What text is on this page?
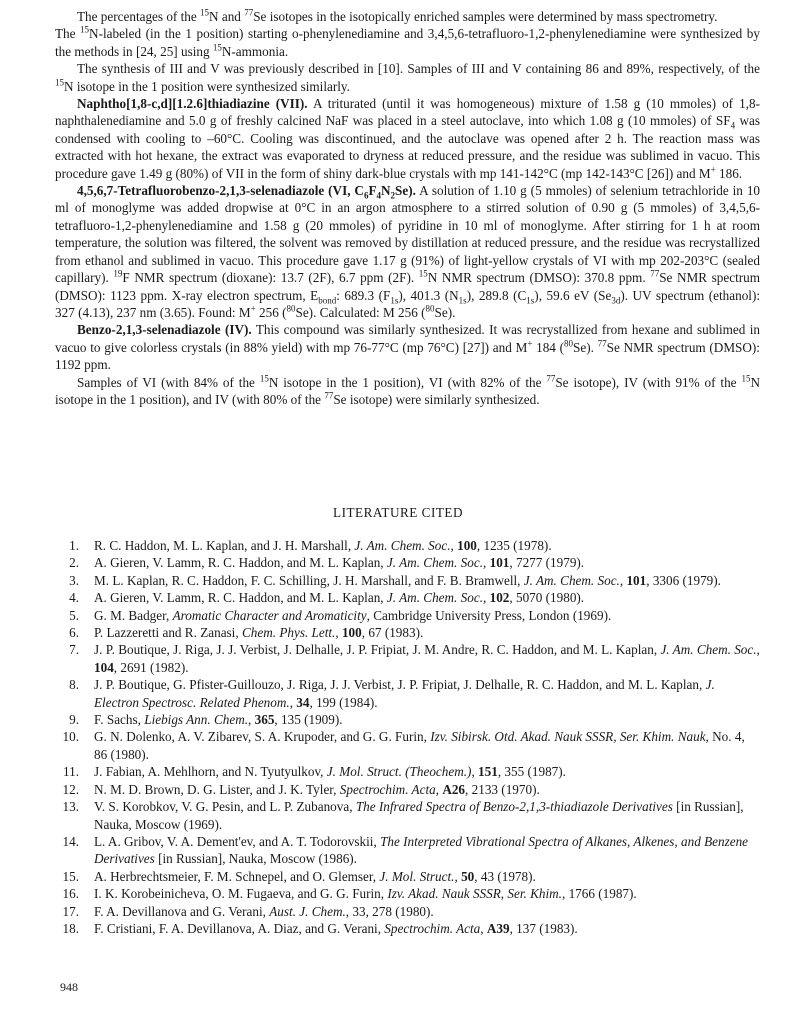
The percentages of the $^{15}$N and $^{77}$Se isotopes in the isotopically enriched samples were determined by mass spectrometry.

The $^{15}$N-labeled (in the 1 position) starting o-phenylenediamine and 3,4,5,6-tetrafluoro-1,2-phenylenediamine were synthesized by the methods in [24, 25] using $^{15}$N-ammonia.

The synthesis of III and V was previously described in [10]. Samples of III and V containing 86 and 89%, respectively, of the $^{15}$N isotope in the 1 position were synthesized similarly.

Naphtho[1,8-c,d][1.2.6]thiadiazine (VII). A triturated (until it was homogeneous) mixture of 1.58 g (10 mmoles) of 1,8-naphthalenediamine and 5.0 g of freshly calcined NaF was placed in a steel autoclave, into which 1.08 g (10 mmoles) of $SF_4$ was condensed with cooling to –60°C. Cooling was discontinued, and the autoclave was opened after 2 h. The reaction mass was extracted with hot hexane, the extract was evaporated to dryness at reduced pressure, and the residue was sublimed in vacuo. This procedure gave 1.49 g (80%) of VII in the form of shiny dark-blue crystals with mp 141-142°C (mp 142-143°C [26]) and M+ 186.

4,5,6,7-Tetrafluorobenzo-2,1,3-selenadiazole (VI, $C_6F_4N_2Se$). A solution of 1.10 g (5 mmoles) of selenium tetrachloride in 10 ml of monoglyme was added dropwise at 0°C in an argon atmosphere to a stirred solution of 0.90 g (5 mmoles) of 3,4,5,6-tetrafluoro-1,2-phenylenediamine and 1.58 g (20 mmoles) of pyridine in 10 ml of monoglyme. After stirring for 1 h at room temperature, the solution was filtered, the solvent was removed by distillation at reduced pressure, and the residue was recrystallized from ethanol and sublimed in vacuo. This procedure gave 1.17 g (91%) of light-yellow crystals of VI with mp 202-203°C (sealed capillary). $^{19}$F NMR spectrum (dioxane): 13.7 (2F), 6.7 ppm (2F). $^{15}$N NMR spectrum (DMSO): 370.8 ppm. $^{77}$Se NMR spectrum (DMSO): 1123 ppm. X-ray electron spectrum, $E_{bond}$: 689.3 $(F_{1s})$, 401.3 $(N_{1s})$, 289.8 $(C_{1s})$, 59.6 eV $(Se_{3d})$. UV spectrum (ethanol): 327 (4.13), 237 nm (3.65). Found: M+ 256 ($^{80}$Se). Calculated: M 256 ($^{80}$Se).

Benzo-2,1,3-selenadiazole (IV). This compound was similarly synthesized. It was recrystallized from hexane and sublimed in vacuo to give colorless crystals (in 88% yield) with mp 76-77°C (mp 76°C) [27]) and M+ 184 ($^{80}$Se). $^{77}$Se NMR spectrum (DMSO): 1192 ppm.

Samples of VI (with 84% of the $^{15}$N isotope in the 1 position), VI (with 82% of the $^{77}$Se isotope), IV (with 91% of the $^{15}$N isotope in the 1 position), and IV (with 80% of the $^{77}$Se isotope) were similarly synthesized.

LITERATURE CITED
1. R. C. Haddon, M. L. Kaplan, and J. H. Marshall, J. Am. Chem. Soc., 100, 1235 (1978).
2. A. Gieren, V. Lamm, R. C. Haddon, and M. L. Kaplan, J. Am. Chem. Soc., 101, 7277 (1979).
3. M. L. Kaplan, R. C. Haddon, F. C. Schilling, J. H. Marshall, and F. B. Bramwell, J. Am. Chem. Soc., 101, 3306 (1979).
4. A. Gieren, V. Lamm, R. C. Haddon, and M. L. Kaplan, J. Am. Chem. Soc., 102, 5070 (1980).
5. G. M. Badger, Aromatic Character and Aromaticity, Cambridge University Press, London (1969).
6. P. Lazzeretti and R. Zanasi, Chem. Phys. Lett., 100, 67 (1983).
7. J. P. Boutique, J. Riga, J. J. Verbist, J. Delhalle, J. P. Fripiat, J. M. Andre, R. C. Haddon, and M. L. Kaplan, J. Am. Chem. Soc., 104, 2691 (1982).
8. J. P. Boutique, G. Pfister-Guillouzo, J. Riga, J. J. Verbist, J. P. Fripiat, J. Delhalle, R. C. Haddon, and M. L. Kaplan, J. Electron Spectrosc. Related Phenom., 34, 199 (1984).
9. F. Sachs, Liebigs Ann. Chem., 365, 135 (1909).
10. G. N. Dolenko, A. V. Zibarev, S. A. Krupoder, and G. G. Furin, Izv. Sibirsk. Otd. Akad. Nauk SSSR, Ser. Khim. Nauk, No. 4, 86 (1980).
11. J. Fabian, A. Mehlhorn, and N. Tyutyulkov, J. Mol. Struct. (Theochem.), 151, 355 (1987).
12. N. M. D. Brown, D. G. Lister, and J. K. Tyler, Spectrochim. Acta, A26, 2133 (1970).
13. V. S. Korobkov, V. G. Pesin, and L. P. Zubanova, The Infrared Spectra of Benzo-2,1,3-thiadiazole Derivatives [in Russian], Nauka, Moscow (1969).
14. L. A. Gribov, V. A. Dement'ev, and A. T. Todorovskii, The Interpreted Vibrational Spectra of Alkanes, Alkenes, and Benzene Derivatives [in Russian], Nauka, Moscow (1986).
15. A. Herbrechtsmeier, F. M. Schnepel, and O. Glemser, J. Mol. Struct., 50, 43 (1978).
16. I. K. Korobeinicheva, O. M. Fugaeva, and G. G. Furin, Izv. Akad. Nauk SSSR, Ser. Khim., 1766 (1987).
17. F. A. Devillanova and G. Verani, Aust. J. Chem., 33, 278 (1980).
18. F. Cristiani, F. A. Devillanova, A. Diaz, and G. Verani, Spectrochim. Acta, A39, 137 (1983).
948
